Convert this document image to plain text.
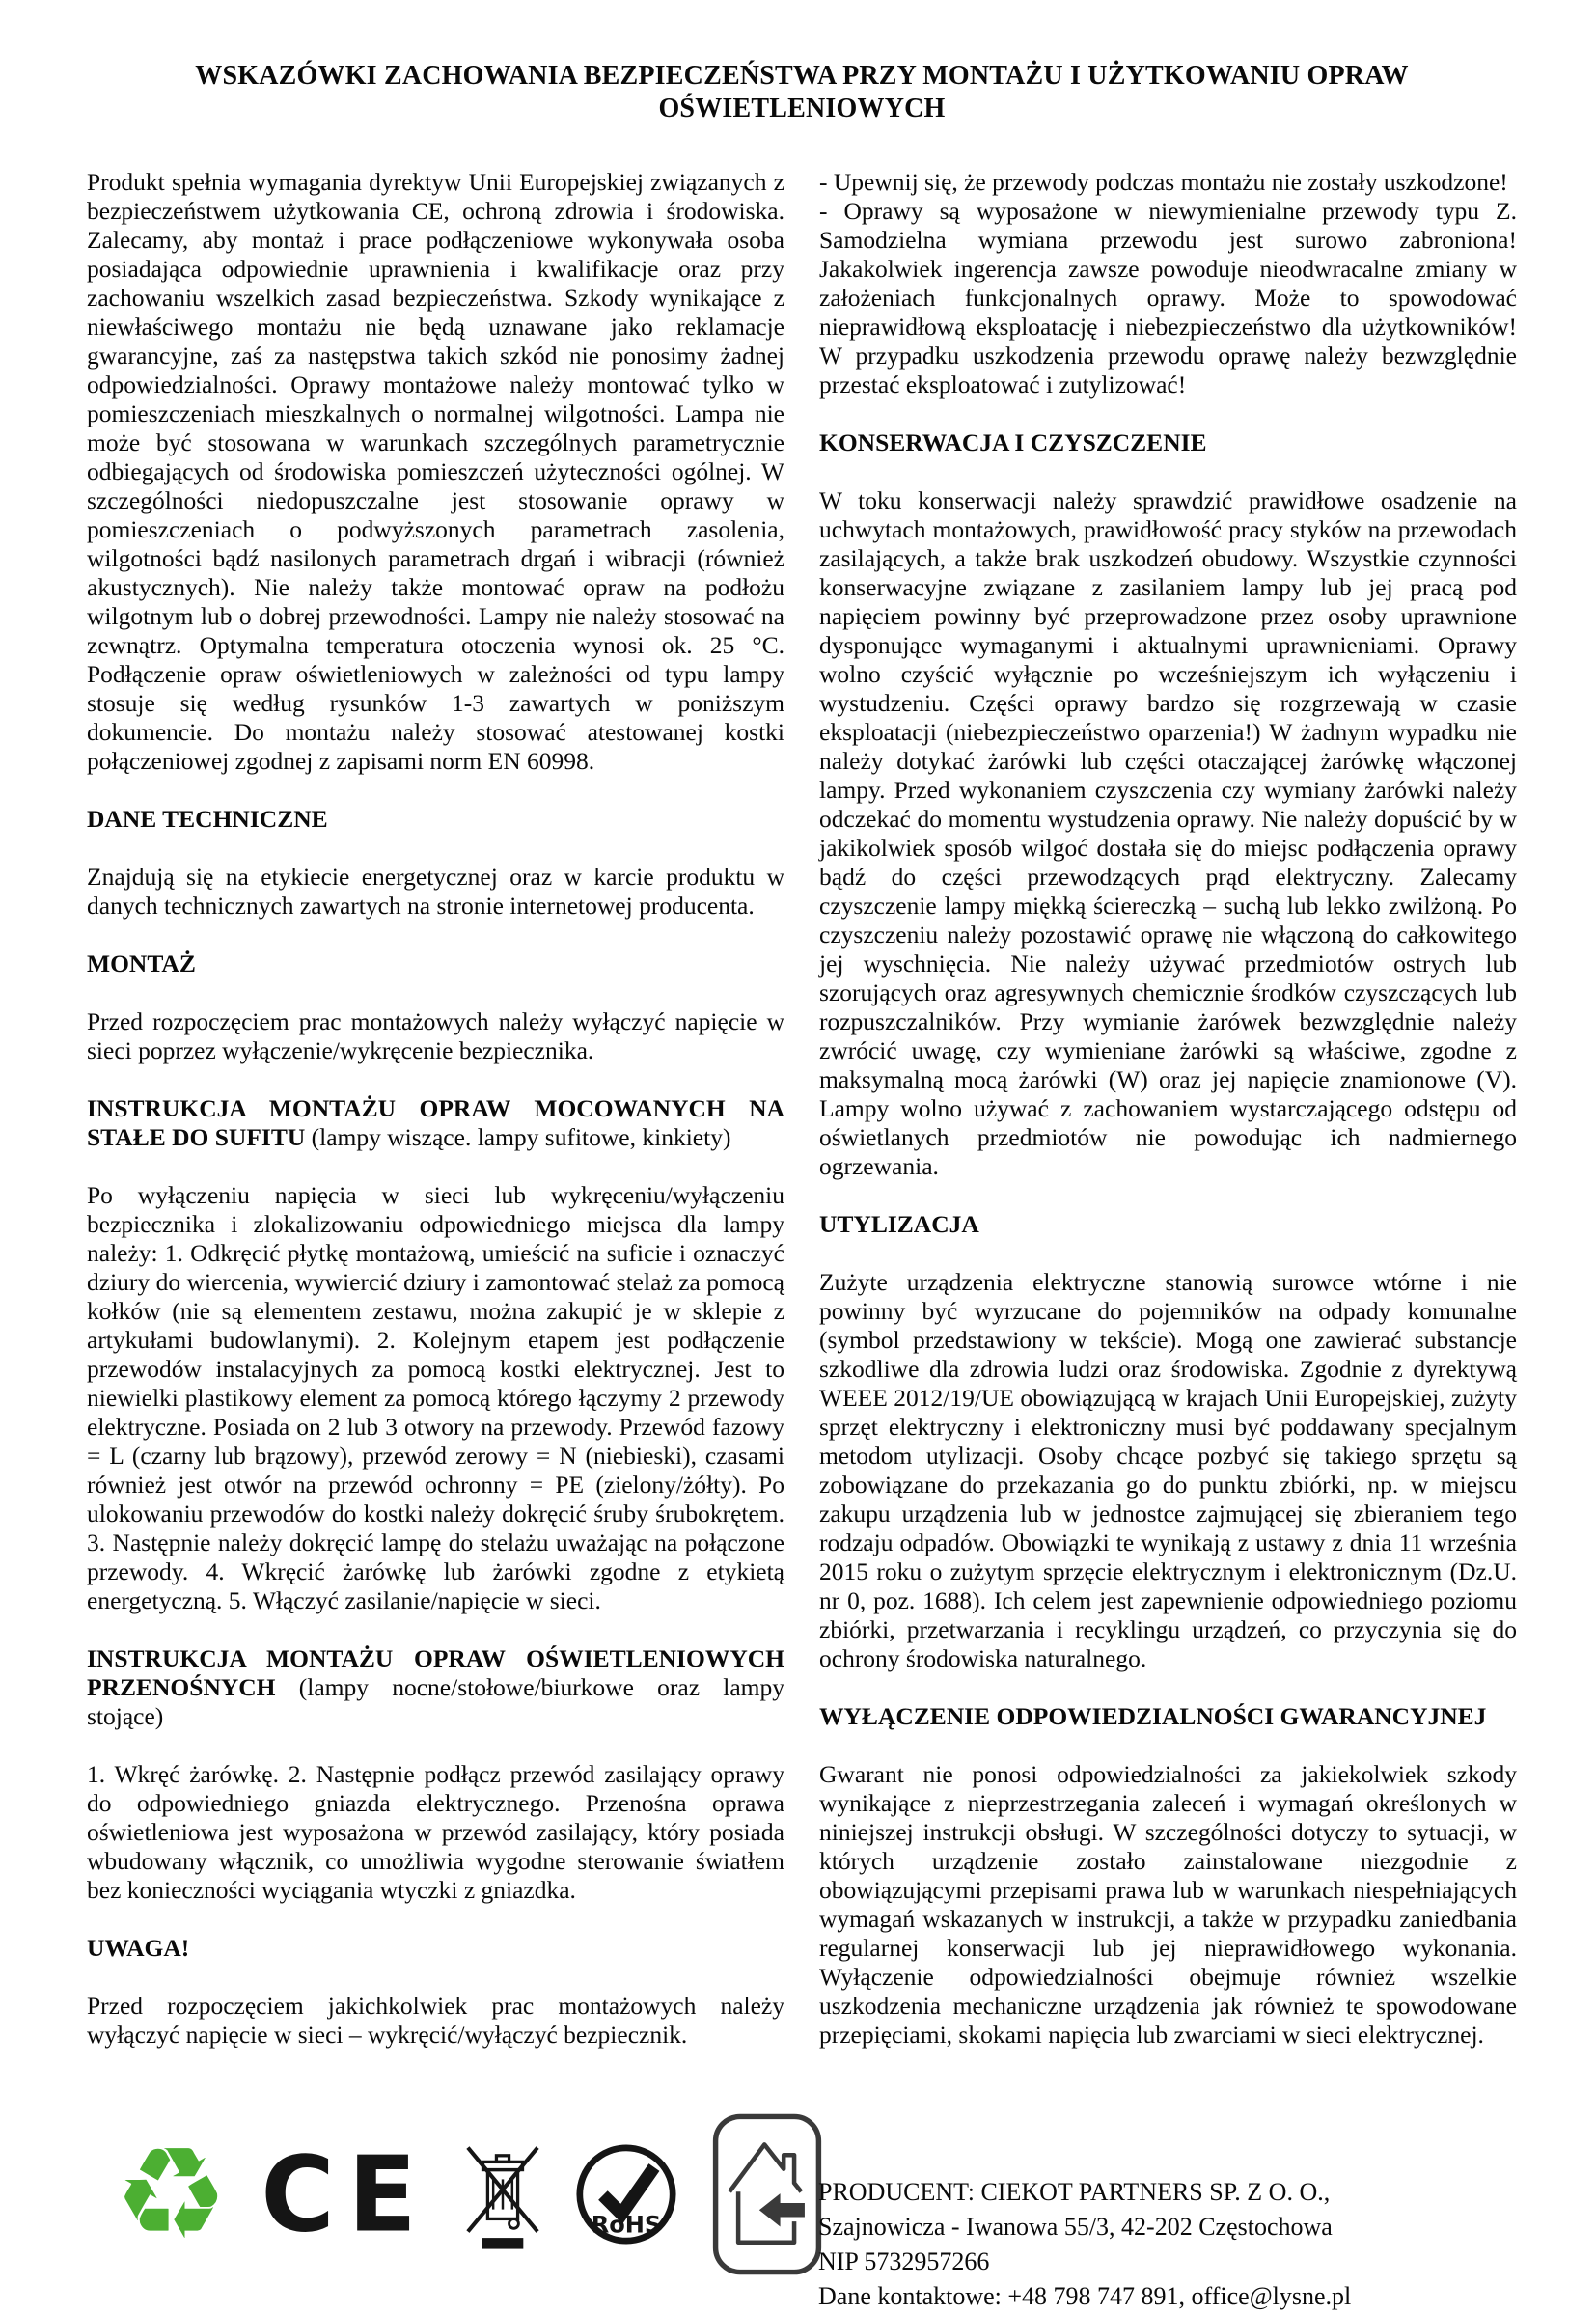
WSKAZÓWKI ZACHOWANIA BEZPIECZEŃSTWA PRZY MONTAŻU I UŻYTKOWANIU OPRAW OŚWIETLENIOWYCH

Produkt spełnia wymagania dyrektyw Unii Europejskiej związanych z bezpieczeństwem użytkowania CE, ochroną zdrowia i środowiska. Zalecamy, aby montaż i prace podłączeniowe wykonywała osoba posiadająca odpowiednie uprawnienia i kwalifikacje oraz przy zachowaniu wszelkich zasad bezpieczeństwa. Szkody wynikające z niewłaściwego montażu nie będą uznawane jako reklamacje gwarancyjne, zaś za następstwa takich szkód nie ponosimy żadnej odpowiedzialności. Oprawy montażowe należy montować tylko w pomieszczeniach mieszkalnych o normalnej wilgotności. Lampa nie może być stosowana w warunkach szczególnych parametrycznie odbiegających od środowiska pomieszczeń użyteczności ogólnej. W szczególności niedopuszczalne jest stosowanie oprawy w pomieszczeniach o podwyższonych parametrach zasolenia, wilgotności bądź nasilonych parametrach drgań i wibracji (również akustycznych). Nie należy także montować opraw na podłożu wilgotnym lub o dobrej przewodności. Lampy nie należy stosować na zewnątrz. Optymalna temperatura otoczenia wynosi ok. 25 °C. Podłączenie opraw oświetleniowych w zależności od typu lampy stosuje się według rysunków 1-3 zawartych w poniższym dokumencie. Do montażu należy stosować atestowanej kostki połączeniowej zgodnej z zapisami norm EN 60998.

DANE TECHNICZNE

Znajdują się na etykiecie energetycznej oraz w karcie produktu w danych technicznych zawartych na stronie internetowej producenta.

MONTAŻ

Przed rozpoczęciem prac montażowych należy wyłączyć napięcie w sieci poprzez wyłączenie/wykręcenie bezpiecznika.

INSTRUKCJA MONTAŻU OPRAW MOCOWANYCH NA STAŁE DO SUFITU (lampy wiszące. lampy sufitowe, kinkiety)

Po wyłączeniu napięcia w sieci lub wykręceniu/wyłączeniu bezpiecznika i zlokalizowaniu odpowiedniego miejsca dla lampy należy: 1. Odkręcić płytkę montażową, umieścić na suficie i oznaczyć dziury do wiercenia, wywiercić dziury i zamontować stelaż za pomocą kołków (nie są elementem zestawu, można zakupić je w sklepie z artykułami budowlanymi). 2. Kolejnym etapem jest podłączenie przewodów instalacyjnych za pomocą kostki elektrycznej. Jest to niewielki plastikowy element za pomocą którego łączymy 2 przewody elektryczne. Posiada on 2 lub 3 otwory na przewody. Przewód fazowy = L (czarny lub brązowy), przewód zerowy = N (niebieski), czasami również jest otwór na przewód ochronny = PE (zielony/żółty). Po ulokowaniu przewodów do kostki należy dokręcić śruby śrubokrętem. 3. Następnie należy dokręcić lampę do stelażu uważając na połączone przewody. 4. Wkręcić żarówkę lub żarówki zgodne z etykietą energetyczną. 5. Włączyć zasilanie/napięcie w sieci.

INSTRUKCJA MONTAŻU OPRAW OŚWIETLENIOWYCH PRZENOŚNYCH (lampy nocne/stołowe/biurkowe oraz lampy stojące)

1. Wkręć żarówkę. 2. Następnie podłącz przewód zasilający oprawy do odpowiedniego gniazda elektrycznego. Przenośna oprawa oświetleniowa jest wyposażona w przewód zasilający, który posiada wbudowany włącznik, co umożliwia wygodne sterowanie światłem bez konieczności wyciągania wtyczki z gniazdka.

UWAGA!

Przed rozpoczęciem jakichkolwiek prac montażowych należy wyłączyć napięcie w sieci – wykręcić/wyłączyć bezpiecznik.

- Upewnij się, że przewody podczas montażu nie zostały uszkodzone!

- Oprawy są wyposażone w niewymienialne przewody typu Z. Samodzielna wymiana przewodu jest surowo zabroniona! Jakakolwiek ingerencja zawsze powoduje nieodwracalne zmiany w założeniach funkcjonalnych oprawy. Może to spowodować nieprawidłową eksploatację i niebezpieczeństwo dla użytkowników! W przypadku uszkodzenia przewodu oprawę należy bezwzględnie przestać eksploatować i zutylizować!

KONSERWACJA I CZYSZCZENIE

W toku konserwacji należy sprawdzić prawidłowe osadzenie na uchwytach montażowych, prawidłowość pracy styków na przewodach zasilających, a także brak uszkodzeń obudowy. Wszystkie czynności konserwacyjne związane z zasilaniem lampy lub jej pracą pod napięciem powinny być przeprowadzone przez osoby uprawnione dysponujące wymaganymi i aktualnymi uprawnieniami. Oprawy wolno czyścić wyłącznie po wcześniejszym ich wyłączeniu i wystudzeniu. Części oprawy bardzo się rozgrzewają w czasie eksploatacji (niebezpieczeństwo oparzenia!) W żadnym wypadku nie należy dotykać żarówki lub części otaczającej żarówkę włączonej lampy. Przed wykonaniem czyszczenia czy wymiany żarówki należy odczekać do momentu wystudzenia oprawy. Nie należy dopuścić by w jakikolwiek sposób wilgoć dostała się do miejsc podłączenia oprawy bądź do części przewodzących prąd elektryczny. Zalecamy czyszczenie lampy miękką ściereczką – suchą lub lekko zwilżoną. Po czyszczeniu należy pozostawić oprawę nie włączoną do całkowitego jej wyschnięcia. Nie należy używać przedmiotów ostrych lub szorujących oraz agresywnych chemicznie środków czyszczących lub rozpuszczalników. Przy wymianie żarówek bezwzględnie należy zwrócić uwagę, czy wymieniane żarówki są właściwe, zgodne z maksymalną mocą żarówki (W) oraz jej napięcie znamionowe (V). Lampy wolno używać z zachowaniem wystarczającego odstępu od oświetlanych przedmiotów nie powodując ich nadmiernego ogrzewania.

UTYLIZACJA

Zużyte urządzenia elektryczne stanowią surowce wtórne i nie powinny być wyrzucane do pojemników na odpady komunalne (symbol przedstawiony w tekście). Mogą one zawierać substancje szkodliwe dla zdrowia ludzi oraz środowiska. Zgodnie z dyrektywą WEEE 2012/19/UE obowiązującą w krajach Unii Europejskiej, zużyty sprzęt elektryczny i elektroniczny musi być poddawany specjalnym metodom utylizacji. Osoby chcące pozbyć się takiego sprzętu są zobowiązane do przekazania go do punktu zbiórki, np. w miejscu zakupu urządzenia lub w jednostce zajmującej się zbieraniem tego rodzaju odpadów. Obowiązki te wynikają z ustawy z dnia 11 września 2015 roku o zużytym sprzęcie elektrycznym i elektronicznym (Dz.U. nr 0, poz. 1688). Ich celem jest zapewnienie odpowiedniego poziomu zbiórki, przetwarzania i recyklingu urządzeń, co przyczynia się do ochrony środowiska naturalnego.

WYŁĄCZENIE ODPOWIEDZIALNOŚCI GWARANCYJNEJ

Gwarant nie ponosi odpowiedzialności za jakiekolwiek szkody wynikające z nieprzestrzegania zaleceń i wymagań określonych w niniejszej instrukcji obsługi. W szczególności dotyczy to sytuacji, w których urządzenie zostało zainstalowane niezgodnie z obowiązującymi przepisami prawa lub w warunkach niespełniających wymagań wskazanych w instrukcji, a także w przypadku zaniedbania regularnej konserwacji lub jej nieprawidłowego wykonania. Wyłączenie odpowiedzialności obejmuje również wszelkie uszkodzenia mechaniczne urządzenia jak również te spowodowane przepięciami, skokami napięcia lub zwarciami w sieci elektrycznej.

♻ CE	RoHS
PRODUCENT: CIEKOT PARTNERS SP. Z O. O.,
Szajnowicza - Iwanowa 55/3, 42-202 Częstochowa
NIP 5732957266
Dane kontaktowe: +48 798 747 891, office@lysne.pl
